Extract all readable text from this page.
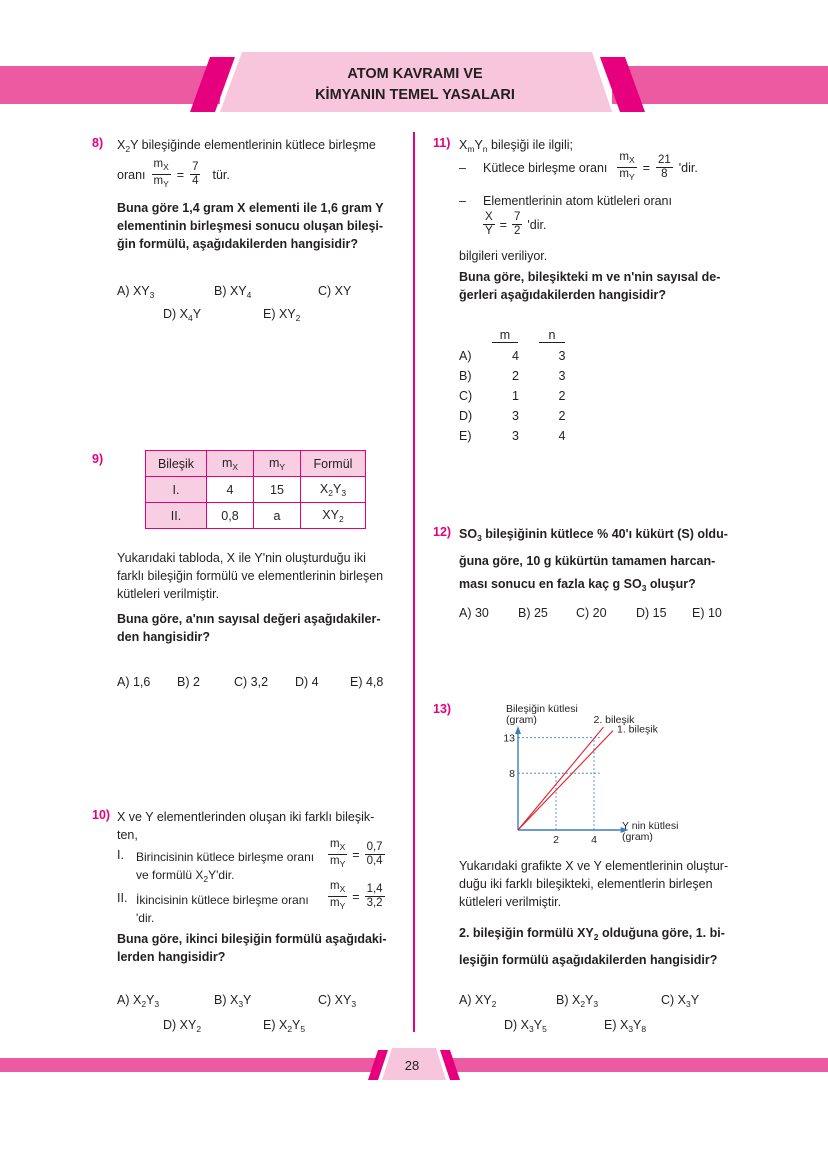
ATOM KAVRAMI VE
KİMYANIN TEMEL YASALARI
8) $X_2Y$ bileşiğinde elementlerinin kütlece birleşme
oranı $\frac{m_X}{m_Y} = \frac{7}{4}$ tür.
Buna göre 1,4 gram X elementi ile 1,6 gram Y
elementinin birleşmesi sonucu oluşan bileşi-
ğin formülü, aşağıdakilerden hangisidir?
A) $XY_3$	B) $XY_4$	C) XY
D) $X_4Y$	E) $XY_2$
9)	Bileşik	$m_X$	$m_Y$	Formül
I.	4	15	$X_2Y_3$
II.	0,8	a	$XY_2$
Yukarıdaki tabloda, X ile Y'nin oluşturduğu iki
farklı bileşiğin formülü ve elementlerinin birleşen
kütleleri verilmiştir.
Buna göre, a'nın sayısal değeri aşağıdakiler-
den hangisidir?
A) 1,6 B) 2	C) 3,2 D) 4	E) 4,8
10) X ve Y elementlerinden oluşan iki farklı bileşik-
ten,
I. Birincisinin kütlece birleşme oranı
ve formülü $X_2Y'dir$.
$\frac{m_X}{m_Y} = \frac{0,7}{0,4}$
II. İkincisinin kütlece birleşme oranı
'dir.
$\frac{m_X}{m_Y} = \frac{1,4}{3,2}$
Buna göre, ikinci bileşiğin formülü aşağıdaki-
lerden hangisidir?
A) $X_2Y_3$	B) $X_3Y$	C) $XY_3$
D) $XY_2$	E) $X_2Y_5$
11) $X_mY_n$ bileşiği ile ilgili;
–	Kütlece birleşme oranı $\frac{m_X}{m_Y} = \frac{21}{8}$ 'dir.
–	Elementlerinin atom kütleleri oranı
$\frac{X}{Y} = \frac{7}{2}$ 'dir.
bilgileri veriliyor.
Buna göre, bileşikteki m ve n'nin sayısal de-
ğerleri aşağıdakilerden hangisidir?
m	n
A)	4	3
B)	2	3
C)	1	2
D)	3	2
E)	3	4
12) $SO_3$ bileşiğinin kütlece % 40'ı kükürt (S) oldu-
ğuna göre, 10 g kükürtün tamamen harcan-
ması sonucu en fazla kaç g $SO_3$ oluşur?
A) 30 B) 25 C) 20 D) 15 E) 10
13)
8
13
2	4
2. bileşik
1. bileşik
Bileşiğin kütlesi
(gram)
Y nin kütlesi
(gram)
Yukarıdaki grafikte X ve Y elementlerinin oluştur-
duğu iki farklı bileşikteki, elementlerin birleşen
kütleleri verilmiştir.
2. bileşiğin formülü $XY_2$ olduğuna göre, 1. bi-
leşiğin formülü aşağıdakilerden hangisidir?
A) $XY_2$	B) $X_2Y_3$	C) $X_3Y$
D) $X_3Y_5$	E) $X_3Y_8$
28
